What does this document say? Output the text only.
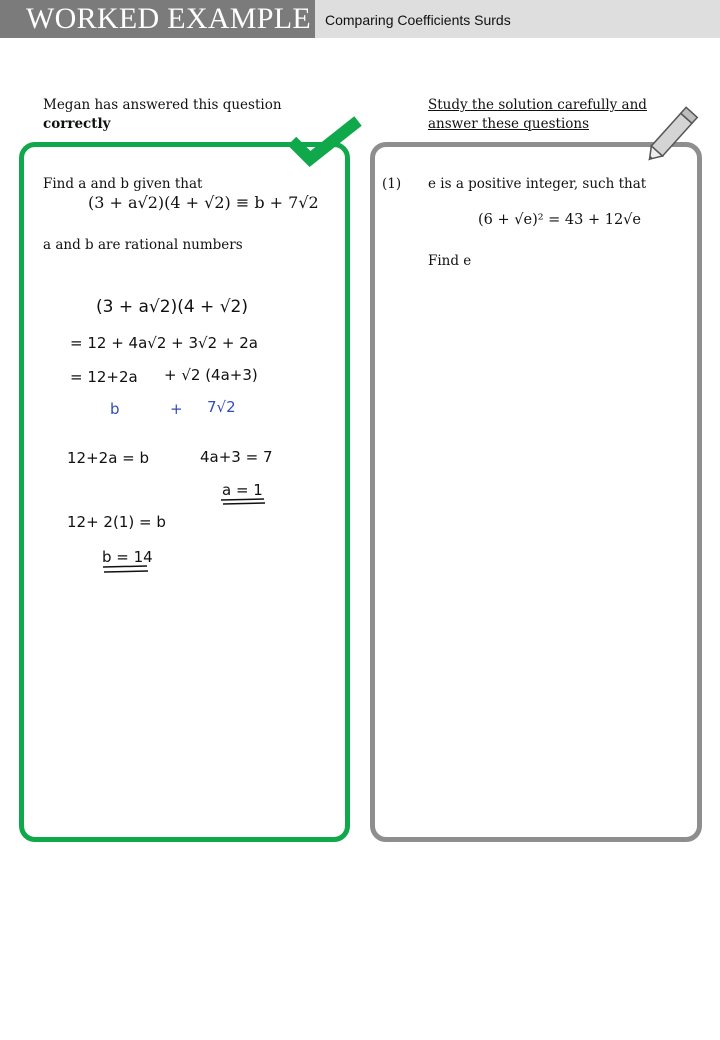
WORKED EXAMPLE Comparing Coefficients Surds
Megan has answered this question
correctly
Study the solution carefully and
answer these questions
Find a and b given that
(3 + a√2)(4 + √2) ≡ b + 7√2
a and b are rational numbers
(3 + a√2)(4 + √2)
= 12 + 4a√2 + 3√2 + 2a
= 12+2a + √2 (4a+3)
b	+ 7√2
12+2a = b	4a+3 = 7
a = 1
12+ 2(1) = b
b = 14
(1) e is a positive integer, such that
(6 + √e)² = 43 + 12√e
Find e
